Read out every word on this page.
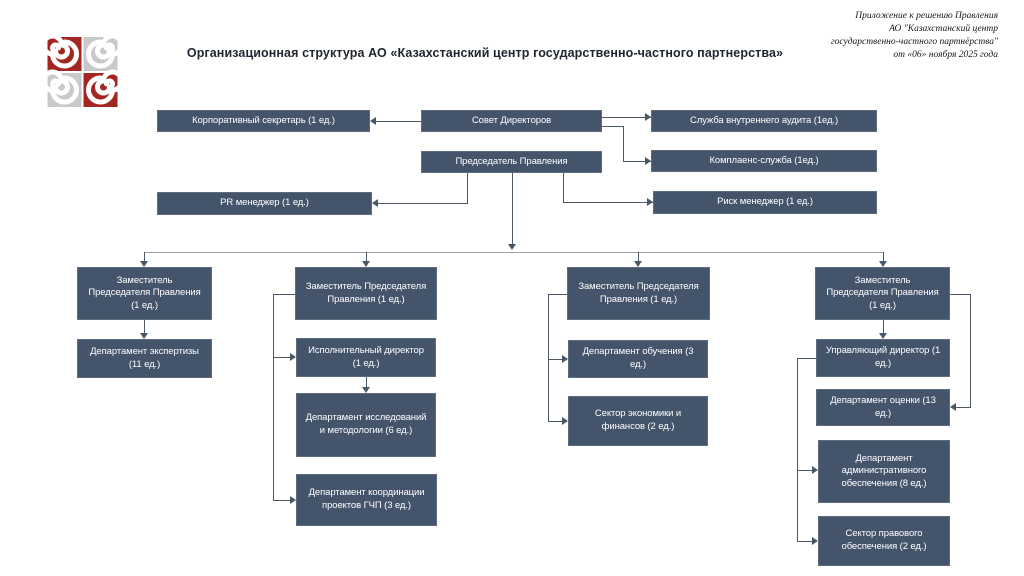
Организационная структура АО «Казахстанский центр государственно-частного партнерства»
Приложение к решению Правления
АО "Казахстанский центр
государственно-частного партнёрства"
от «06» ноября 2025 года
Корпоративный секретарь (1 ед.)	Совет Директоров	Служба внутреннего аудита (1ед.)
Председатель Правления	Комплаенс-служба (1ед.)
PR менеджер (1 ед.)	Риск менеджер (1 ед.)
Заместитель Председателя Правления (1 ед.)
Заместитель Председателя Правления (1 ед.)
Заместитель Председателя Правления (1 ед.)
Заместитель Председателя Правления (1 ед.)
Департамент экспертизы (11 ед.)
Исполнительный директор (1 ед.)
Департамент исследований и методологии (6 ед.)
Департамент координации проектов ГЧП (3 ед.)
Департамент обучения (3 ед.)
Сектор экономики и финансов (2 ед.)
Управляющий директор (1 ед.)
Департамент оценки (13 ед.)
Департамент административного обеспечения (8 ед.)
Сектор правового обеспечения (2 ед.)
